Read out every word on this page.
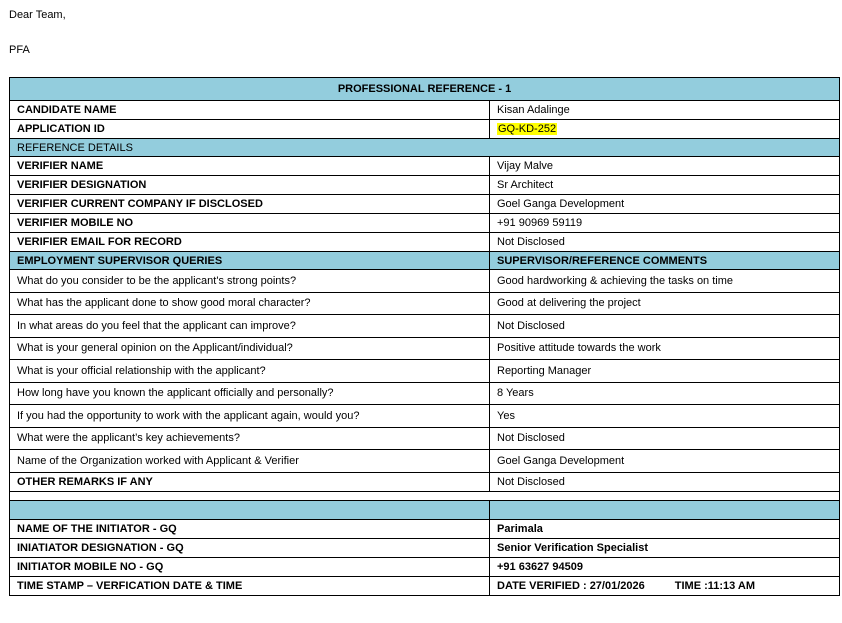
Dear Team,
PFA
PROFESSIONAL REFERENCE - 1	
CANDIDATE NAME	Kisan Adalinge
APPLICATION ID	GQ-KD-252
REFERENCE DETAILS	
VERIFIER NAME	Vijay Malve
VERIFIER DESIGNATION	Sr Architect
VERIFIER CURRENT COMPANY IF DISCLOSED	Goel Ganga Development
VERIFIER MOBILE NO	+91 90969 59119
VERIFIER EMAIL FOR RECORD	Not Disclosed
EMPLOYMENT SUPERVISOR QUERIES	SUPERVISOR/REFERENCE COMMENTS
What do you consider to be the applicant's strong points?	Good hardworking & achieving the tasks on time
What has the applicant done to show good moral character?	Good at delivering the project
In what areas do you feel that the applicant can improve?	Not Disclosed
What is your general opinion on the Applicant/individual?	Positive attitude towards the work
What is your official relationship with the applicant?	Reporting Manager
How long have you known the applicant officially and personally?	8 Years
If you had the opportunity to work with the applicant again, would you?	Yes
What were the applicant’s key achievements?	Not Disclosed
Name of the Organization worked with Applicant & Verifier	Goel Ganga Development
OTHER REMARKS IF ANY	Not Disclosed

NAME OF THE INITIATOR - GQ	Parimala
INIATIATOR DESIGNATION - GQ	Senior Verification Specialist
INITIATOR MOBILE NO - GQ	+91 63627 94509
TIME STAMP – VERFICATION DATE & TIME	DATE VERIFIED : 27/01/2026 TIME :11:13 AM
